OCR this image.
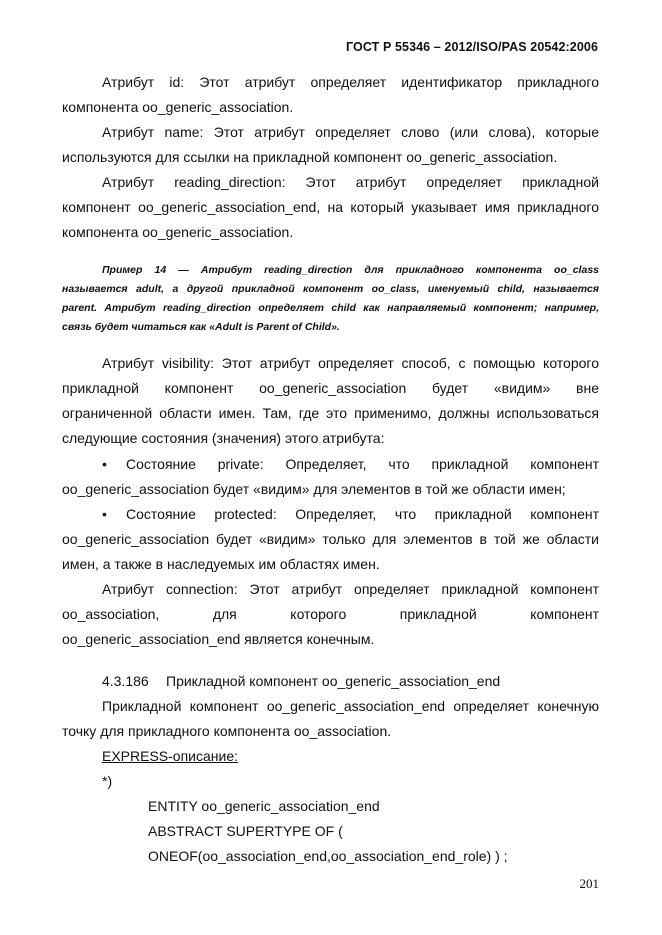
ГОСТ Р 55346 – 2012/ISO/PAS 20542:2006
Атрибут id: Этот атрибут определяет идентификатор прикладного
компонента oo_generic_association.
Атрибут name: Этот атрибут определяет слово (или слова), которые
используются для ссылки на прикладной компонент oo_generic_association.
Атрибут reading_direction: Этот атрибут определяет прикладной
компонент oo_generic_association_end, на который указывает имя прикладного
компонента oo_generic_association.
Пример 14 — Атрибут reading_direction для прикладного компонента oo_class
называется adult, а другой прикладной компонент oo_class, именуемый child, называется
parent. Атрибут reading_direction определяет child как направляемый компонент; например,
связь будет читаться как «Adult is Parent of Child».
Атрибут visibility: Этот атрибут определяет способ, с помощью которого
прикладной компонент oo_generic_association будет «видим» вне
ограниченной области имен. Там, где это применимо, должны использоваться
следующие состояния (значения) этого атрибута:
•	Состояние private: Определяет, что прикладной компонент
oo_generic_association будет «видим» для элементов в той же области имен;
•	Состояние protected: Определяет, что прикладной компонент
oo_generic_association будет «видим» только для элементов в той же области
имен, а также в наследуемых им областях имен.
Атрибут connection: Этот атрибут определяет прикладной компонент
oo_association, для которого прикладной компонент
oo_generic_association_end является конечным.
4.3.186	Прикладной компонент oo_generic_association_end
Прикладной компонент oo_generic_association_end определяет конечную
точку для прикладного компонента oo_association.
EXPRESS-описание:
*)
ENTITY oo_generic_association_end
ABSTRACT SUPERTYPE OF (
ONEOF(oo_association_end,oo_association_end_role) ) ;
201
